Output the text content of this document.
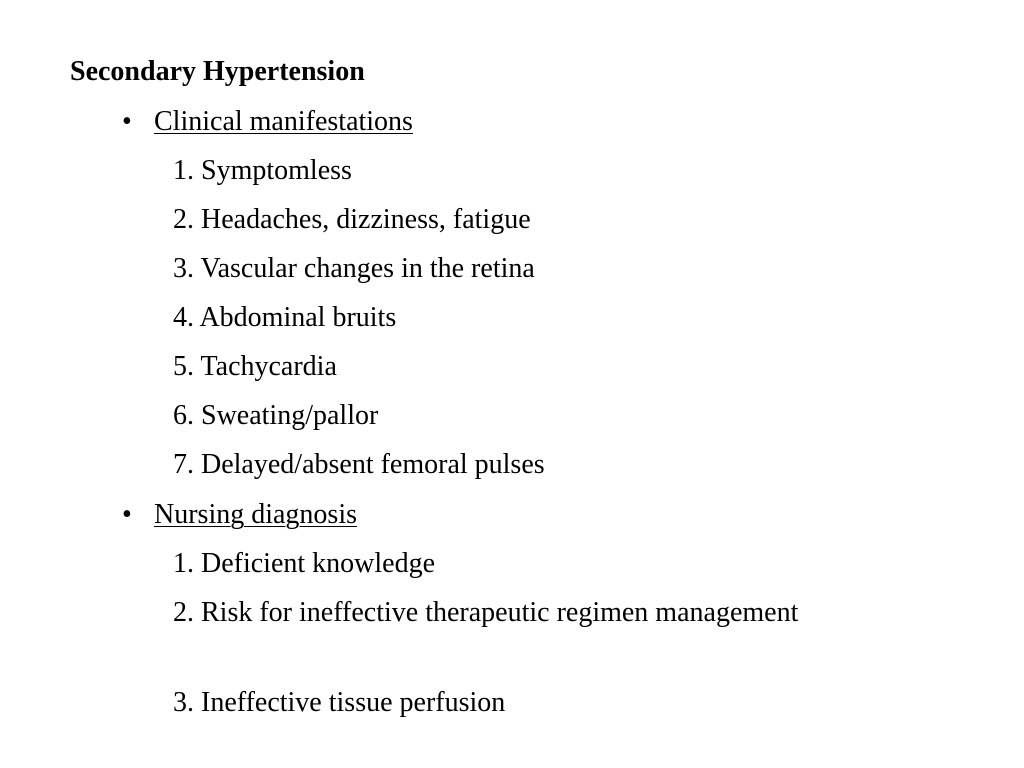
Secondary Hypertension
• Clinical manifestations
1. Symptomless
2. Headaches, dizziness, fatigue
3. Vascular changes in the retina
4. Abdominal bruits
5. Tachycardia
6. Sweating/pallor
7. Delayed/absent femoral pulses
• Nursing diagnosis
1. Deficient knowledge
2. Risk for ineffective therapeutic regimen management
3. Ineffective tissue perfusion
